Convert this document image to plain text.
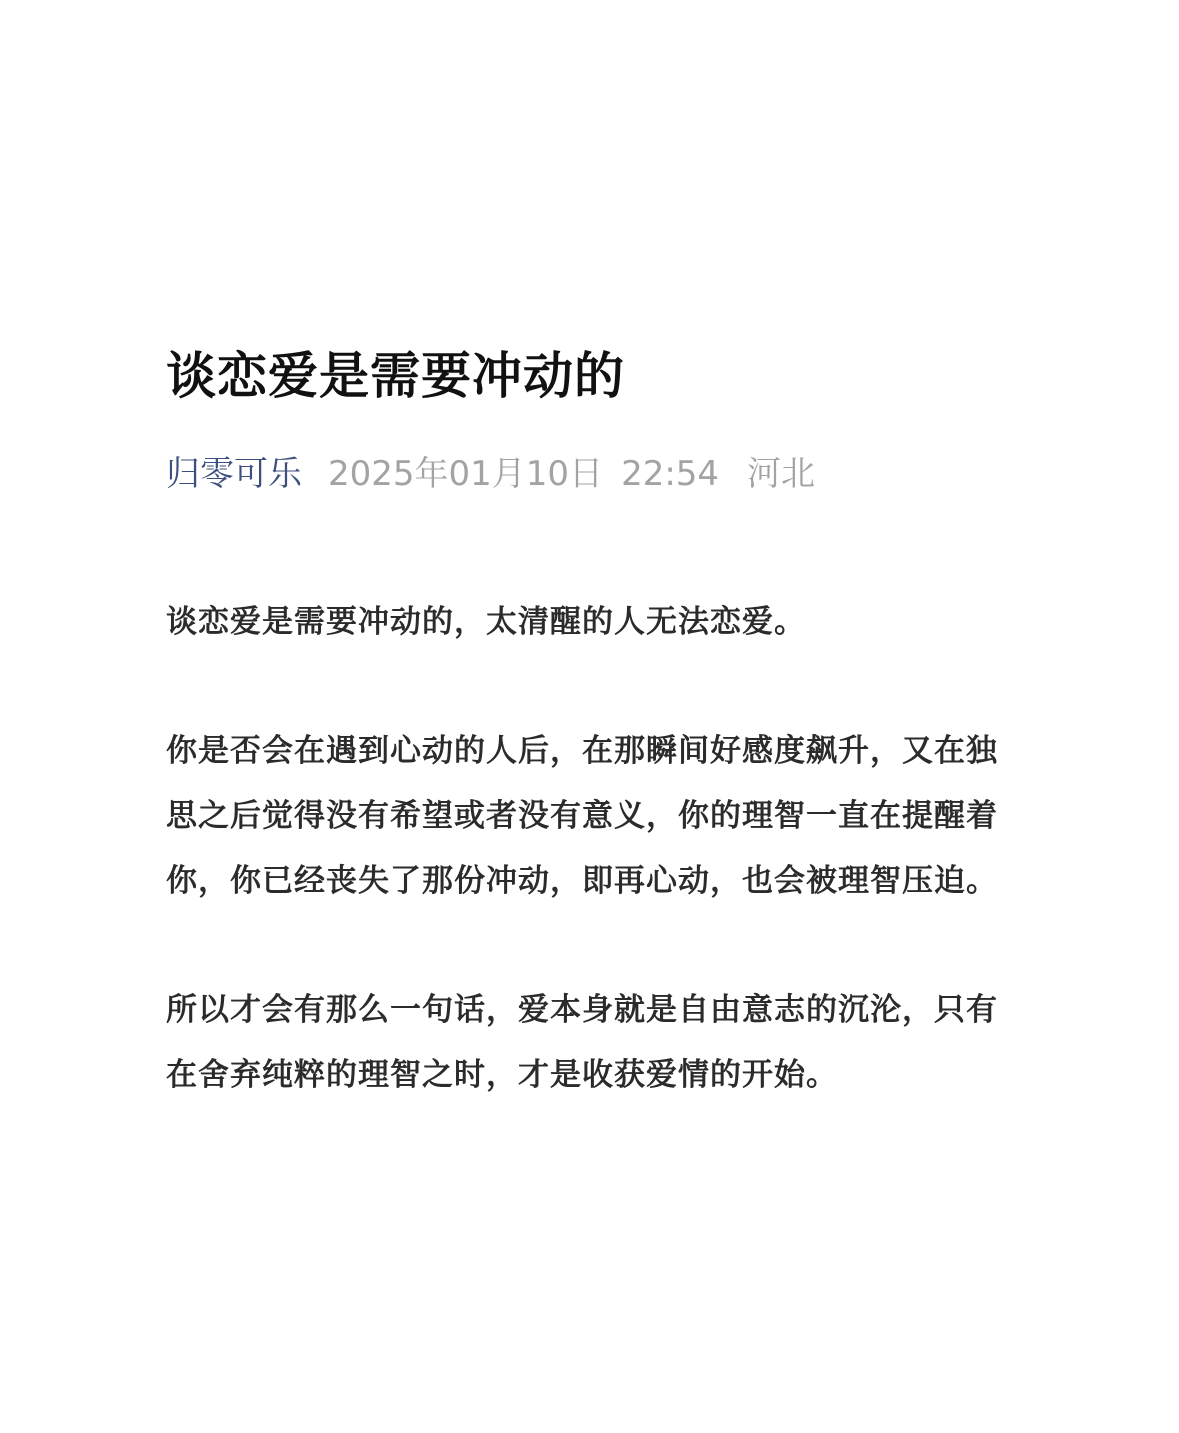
谈恋爱是需要冲动的
归零可乐 2025年01月10日 22:54 河北

谈恋爱是需要冲动的，太清醒的人无法恋爱。

你是否会在遇到心动的人后，在那瞬间好感度飙升，又在独思之后觉得没有希望或者没有意义，你的理智一直在提醒着你，你已经丧失了那份冲动，即再心动，也会被理智压迫。

所以才会有那么一句话，爱本身就是自由意志的沉沦，只有在舍弃纯粹的理智之时，才是收获爱情的开始。
